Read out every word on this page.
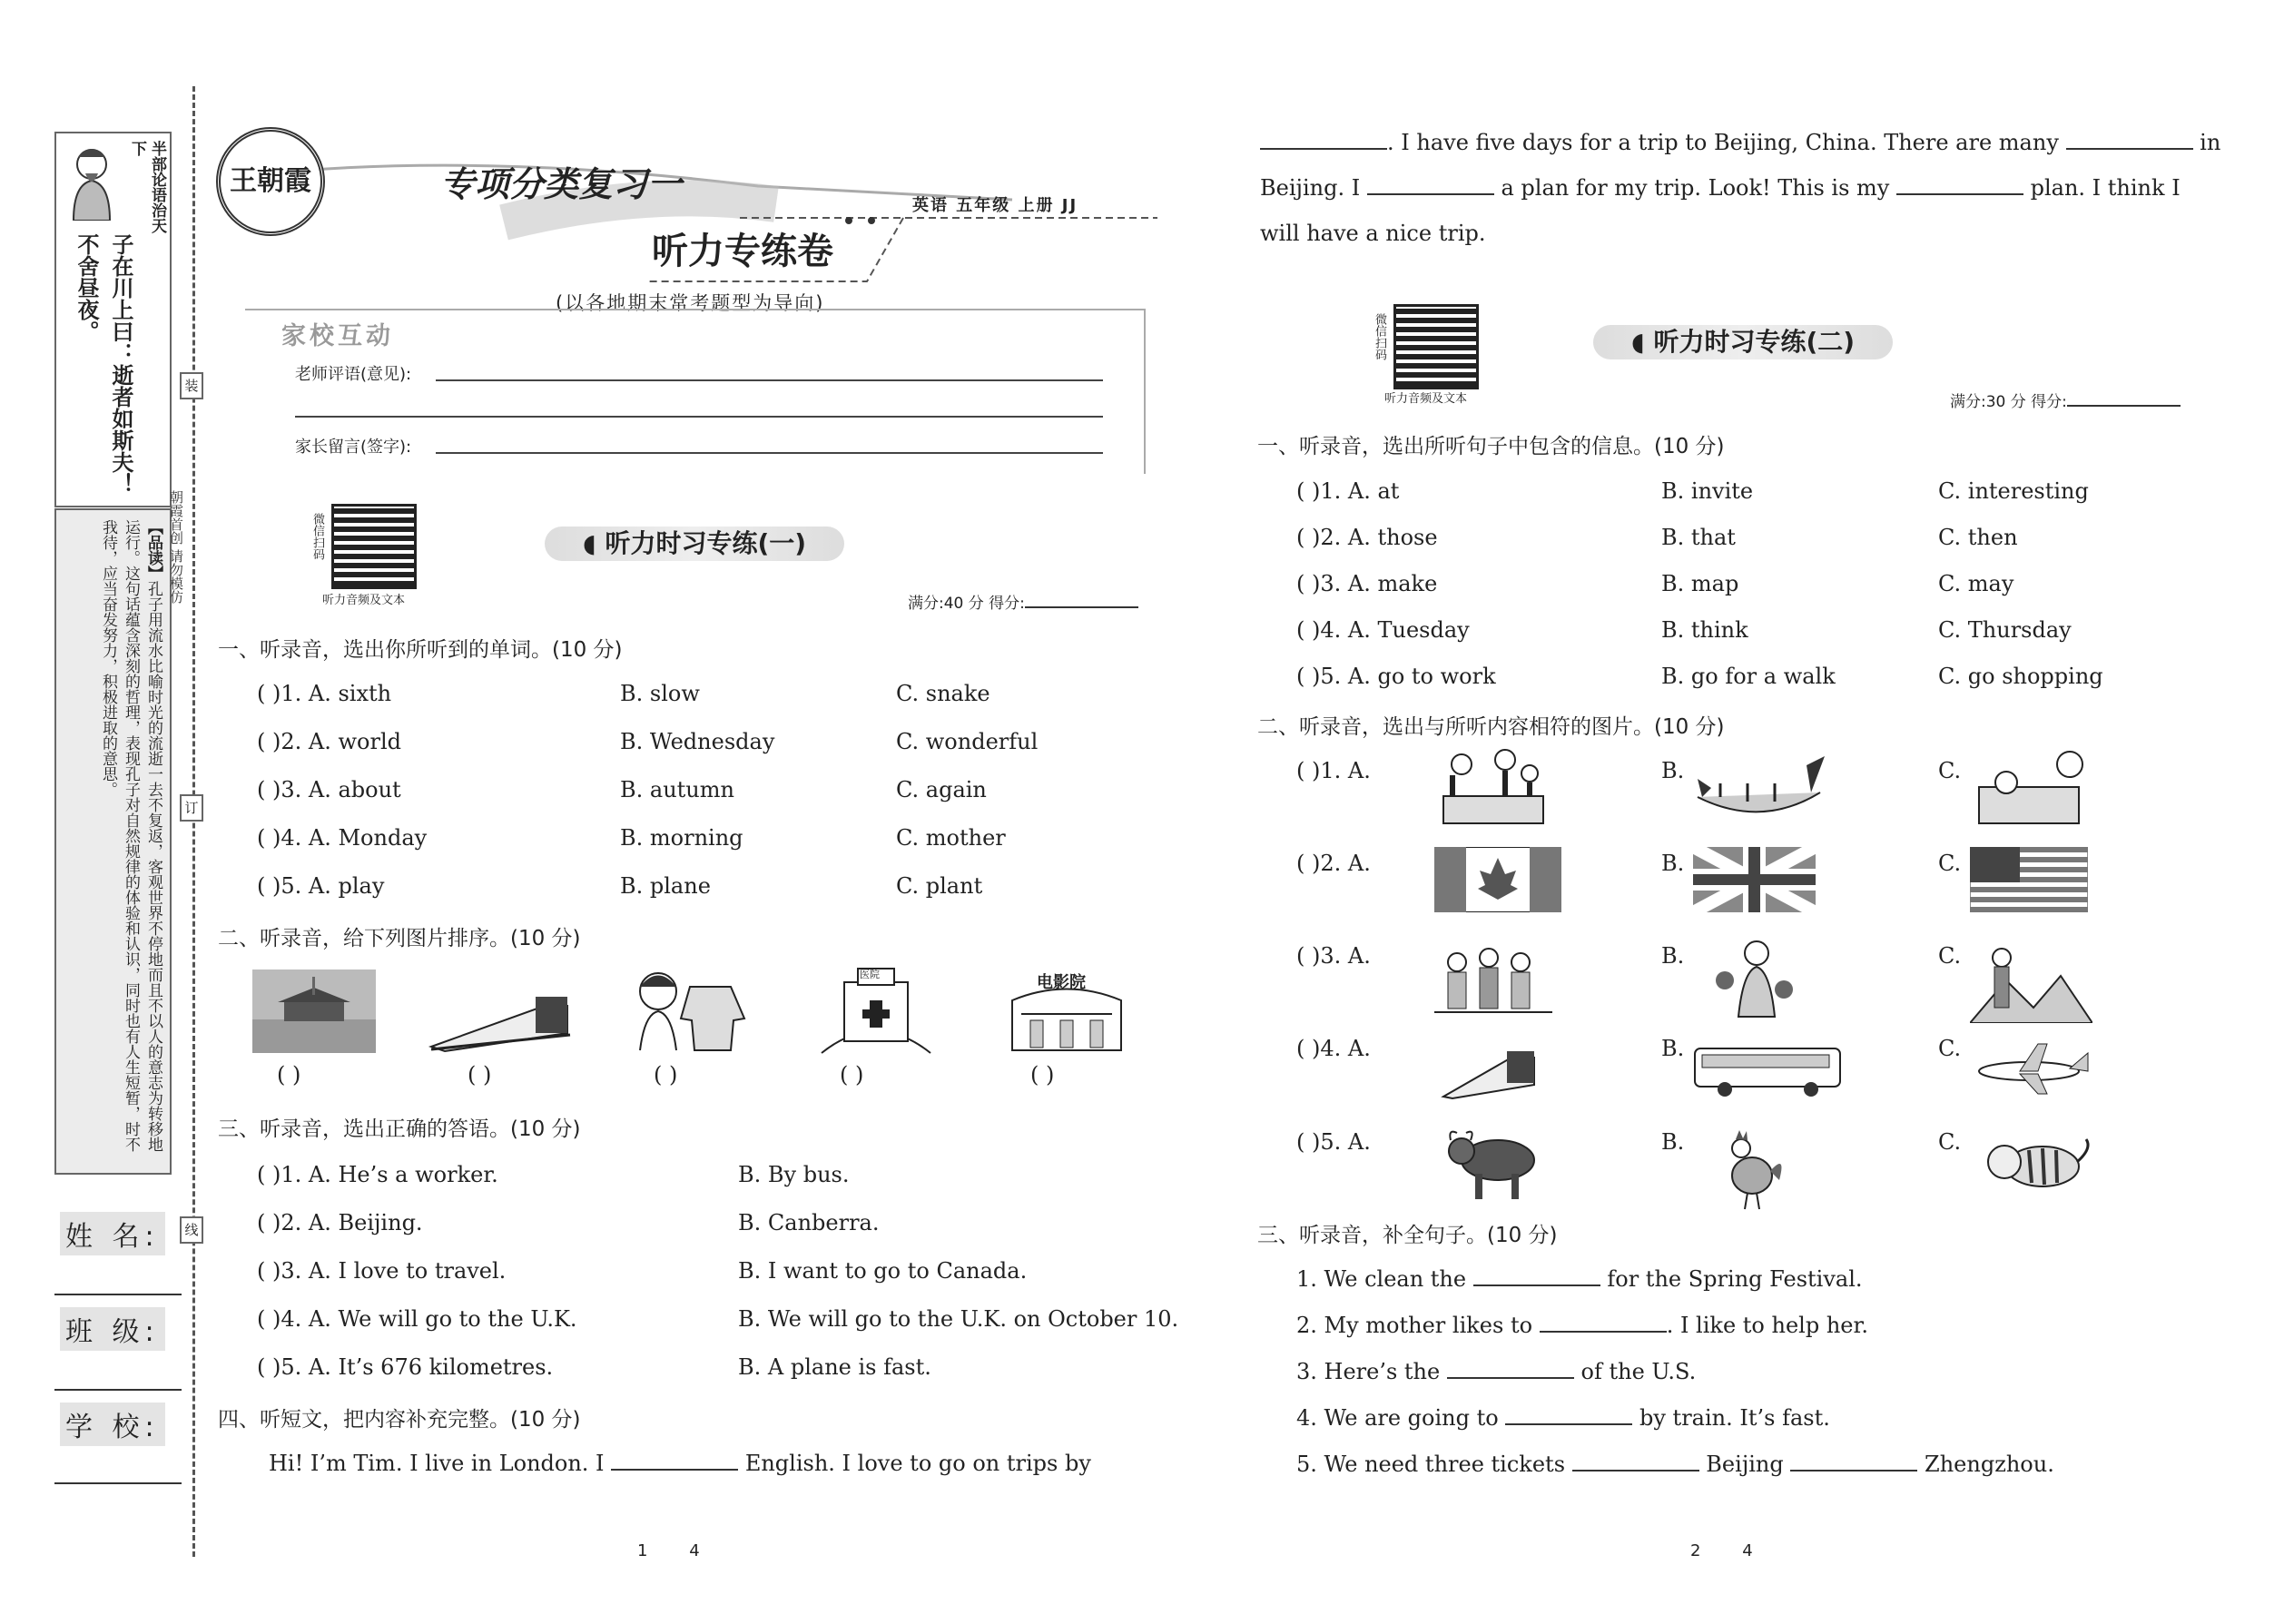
半部论语治天下
子在川上曰：逝者如斯夫！不舍昼夜。
【品读】孔子用流水比喻时光的流逝一去不复返，客观世界不停地而且不以人的意志为转移地运行。这句话蕴含深刻的哲理，表现孔子对自然规律的体验和认识，同时也有人生短暂，时不我待，应当奋发努力，积极进取的意思。	朝霞首创 请勿模仿
姓 名:
班 级:
学 校:
装
订
线
王朝霞	专项分类复习一
英语 五年级 上册 JJ
听力专练卷
(以各地期末常考题型为导向)
家校互动
老师评语(意见):
家长留言(签字):
微信扫码
听力音频及文本
◖ 听力时习专练(一)
满分:40 分 得分:
一、听录音，选出你所听到的单词。(10 分)
( )1. A. sixth	B. slow	C. snake
( )2. A. world	B. Wednesday	C. wonderful
( )3. A. about	B. autumn	C. again
( )4. A. Monday	B. morning	C. mother
( )5. A. play	B. plane	C. plant
二、听录音，给下列图片排序。(10 分)
医院	电影院
( )	( )	( )	( )	( )
三、听录音，选出正确的答语。(10 分)
( )1. A. He’s a worker.	B. By bus.
( )2. A. Beijing.	B. Canberra.
( )3. A. I love to travel.	B. I want to go to Canada.
( )4. A. We will go to the U.K.	B. We will go to the U.K. on October 10.
( )5. A. It’s 676 kilometres.	B. A plane is fast.
四、听短文，把内容补充完整。(10 分)
Hi! I’m Tim. I live in London. I	English. I love to go on trips by
1        4
. I have five days for a trip to Beijing, China. There are many	in
Beijing. I	a plan for my trip. Look! This is my	plan. I think I
will have a nice trip.
微信扫码
听力音频及文本
◖ 听力时习专练(二)
满分:30 分 得分:
一、听录音，选出所听句子中包含的信息。(10 分)
( )1. A. at	B. invite	C. interesting
( )2. A. those	B. that	C. then
( )3. A. make	B. map	C. may
( )4. A. Tuesday	B. think	C. Thursday
( )5. A. go to work	B. go for a walk	C. go shopping
二、听录音，选出与所听内容相符的图片。(10 分)
( )1. A.	B.	C.
( )2. A.	B.	C.
( )3. A.	B.	C.
( )4. A.	B.	C.
( )5. A.	B.	C.
三、听录音，补全句子。(10 分)
1. We clean the	for the Spring Festival.
2. My mother likes to	. I like to help her.
3. Here’s the	of the U.S.
4. We are going to	by train. It’s fast.
5. We need three tickets	Beijing	Zhengzhou.
2        4
